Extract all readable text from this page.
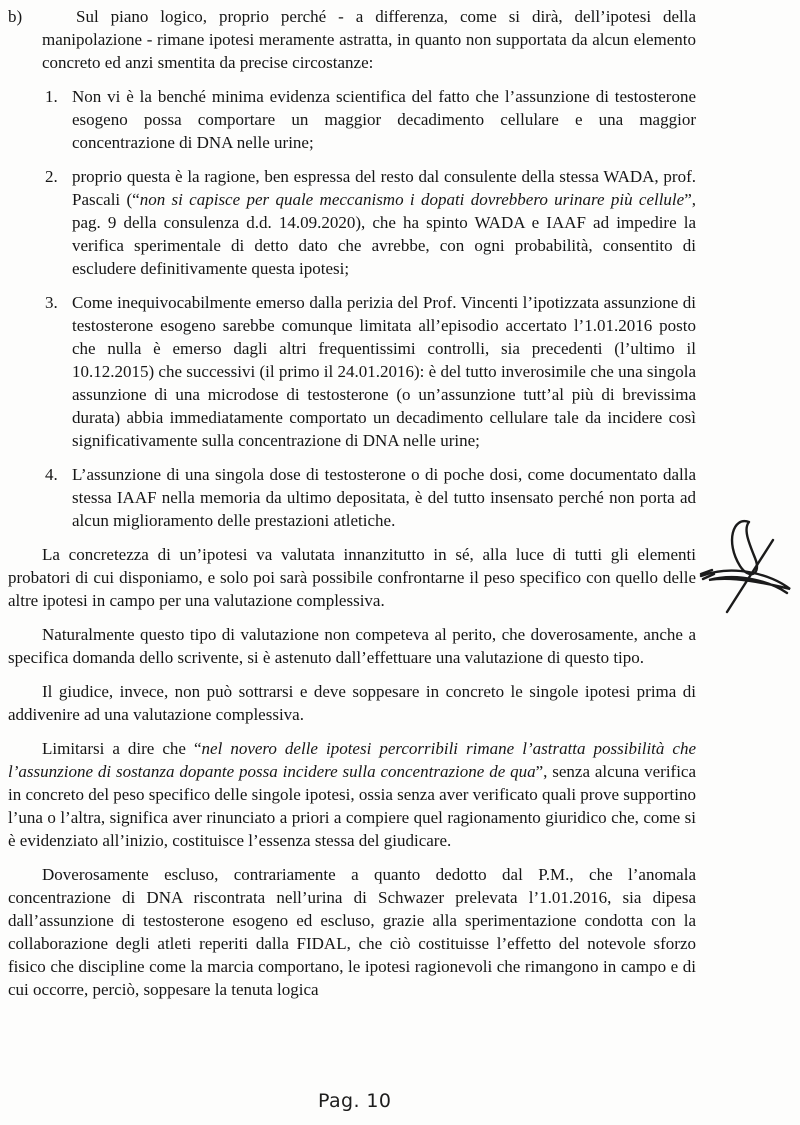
b)	Sul piano logico, proprio perché - a differenza, come si dirà, dell’ipotesi della manipolazione - rimane ipotesi meramente astratta, in quanto non supportata da alcun elemento concreto ed anzi smentita da precise circostanze:

1. Non vi è la benché minima evidenza scientifica del fatto che l’assunzione di testosterone esogeno possa comportare un maggior decadimento cellulare e una maggior concentrazione di DNA nelle urine;
2. proprio questa è la ragione, ben espressa del resto dal consulente della stessa WADA, prof. Pascali (“non si capisce per quale meccanismo i dopati dovrebbero urinare più cellule”, pag. 9 della consulenza d.d. 14.09.2020), che ha spinto WADA e IAAF ad impedire la verifica sperimentale di detto dato che avrebbe, con ogni probabilità, consentito di escludere definitivamente questa ipotesi;
3. Come inequivocabilmente emerso dalla perizia del Prof. Vincenti l’ipotizzata assunzione di testosterone esogeno sarebbe comunque limitata all’episodio accertato l’1.01.2016 posto che nulla è emerso dagli altri frequentissimi controlli, sia precedenti (l’ultimo il 10.12.2015) che successivi (il primo il 24.01.2016): è del tutto inverosimile che una singola assunzione di una microdose di testosterone (o un’assunzione tutt’al più di brevissima durata) abbia immediatamente comportato un decadimento cellulare tale da incidere così significativamente sulla concentrazione di DNA nelle urine;
4. L’assunzione di una singola dose di testosterone o di poche dosi, come documentato dalla stessa IAAF nella memoria da ultimo depositata, è del tutto insensato perché non porta ad alcun miglioramento delle prestazioni atletiche.

La concretezza di un’ipotesi va valutata innanzitutto in sé, alla luce di tutti gli elementi probatori di cui disponiamo, e solo poi sarà possibile confrontarne il peso specifico con quello delle altre ipotesi in campo per una valutazione complessiva.

Naturalmente questo tipo di valutazione non competeva al perito, che doverosamente, anche a specifica domanda dello scrivente, si è astenuto dall’effettuare una valutazione di questo tipo.

Il giudice, invece, non può sottrarsi e deve soppesare in concreto le singole ipotesi prima di addivenire ad una valutazione complessiva.

Limitarsi a dire che “nel novero delle ipotesi percorribili rimane l’astratta possibilità che l’assunzione di sostanza dopante possa incidere sulla concentrazione de qua”, senza alcuna verifica in concreto del peso specifico delle singole ipotesi, ossia senza aver verificato quali prove supportino l’una o l’altra, significa aver rinunciato a priori a compiere quel ragionamento giuridico che, come si è evidenziato all’inizio, costituisce l’essenza stessa del giudicare.

Doverosamente escluso, contrariamente a quanto dedotto dal P.M., che l’anomala concentrazione di DNA riscontrata nell’urina di Schwazer prelevata l’1.01.2016, sia dipesa dall’assunzione di testosterone esogeno ed escluso, grazie alla sperimentazione condotta con la collaborazione degli atleti reperiti dalla FIDAL, che ciò costituisse l’effetto del notevole sforzo fisico che discipline come la marcia comportano, le ipotesi ragionevoli che rimangono in campo e di cui occorre, perciò, soppesare la tenuta logica

Pag. 10
